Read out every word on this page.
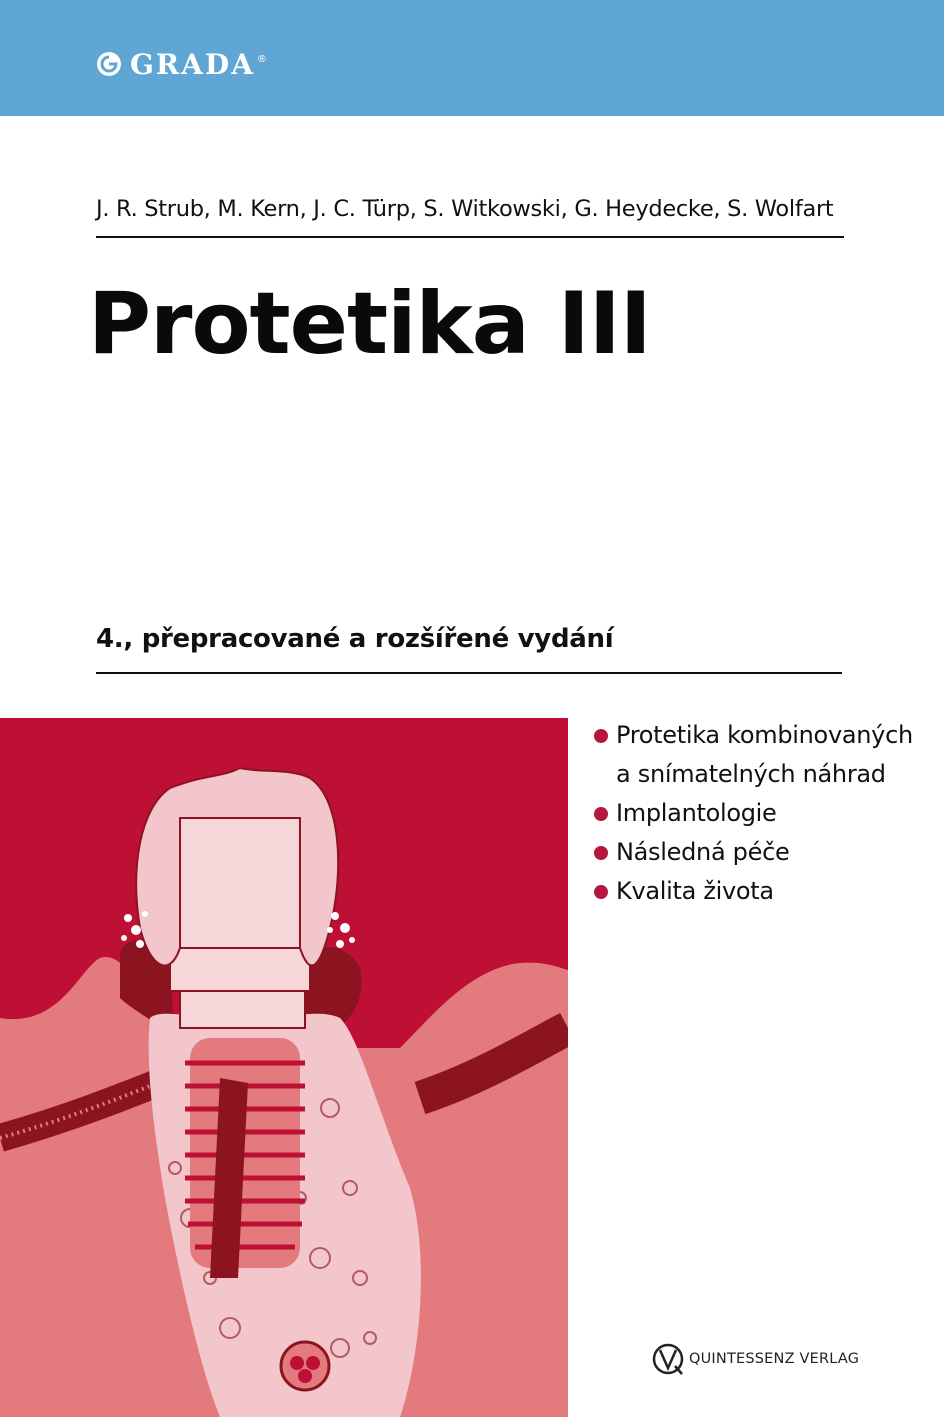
GRADA ®
J. R. Strub, M. Kern, J. C. Türp, S. Witkowski, G. Heydecke, S. Wolfart
Protetika III
4., přepracované a rozšířené vydání
Protetika kombinovaných
a snímatelných náhrad
Implantologie
Následná péče
Kvalita života
QUINTESSENZ VERLAG
